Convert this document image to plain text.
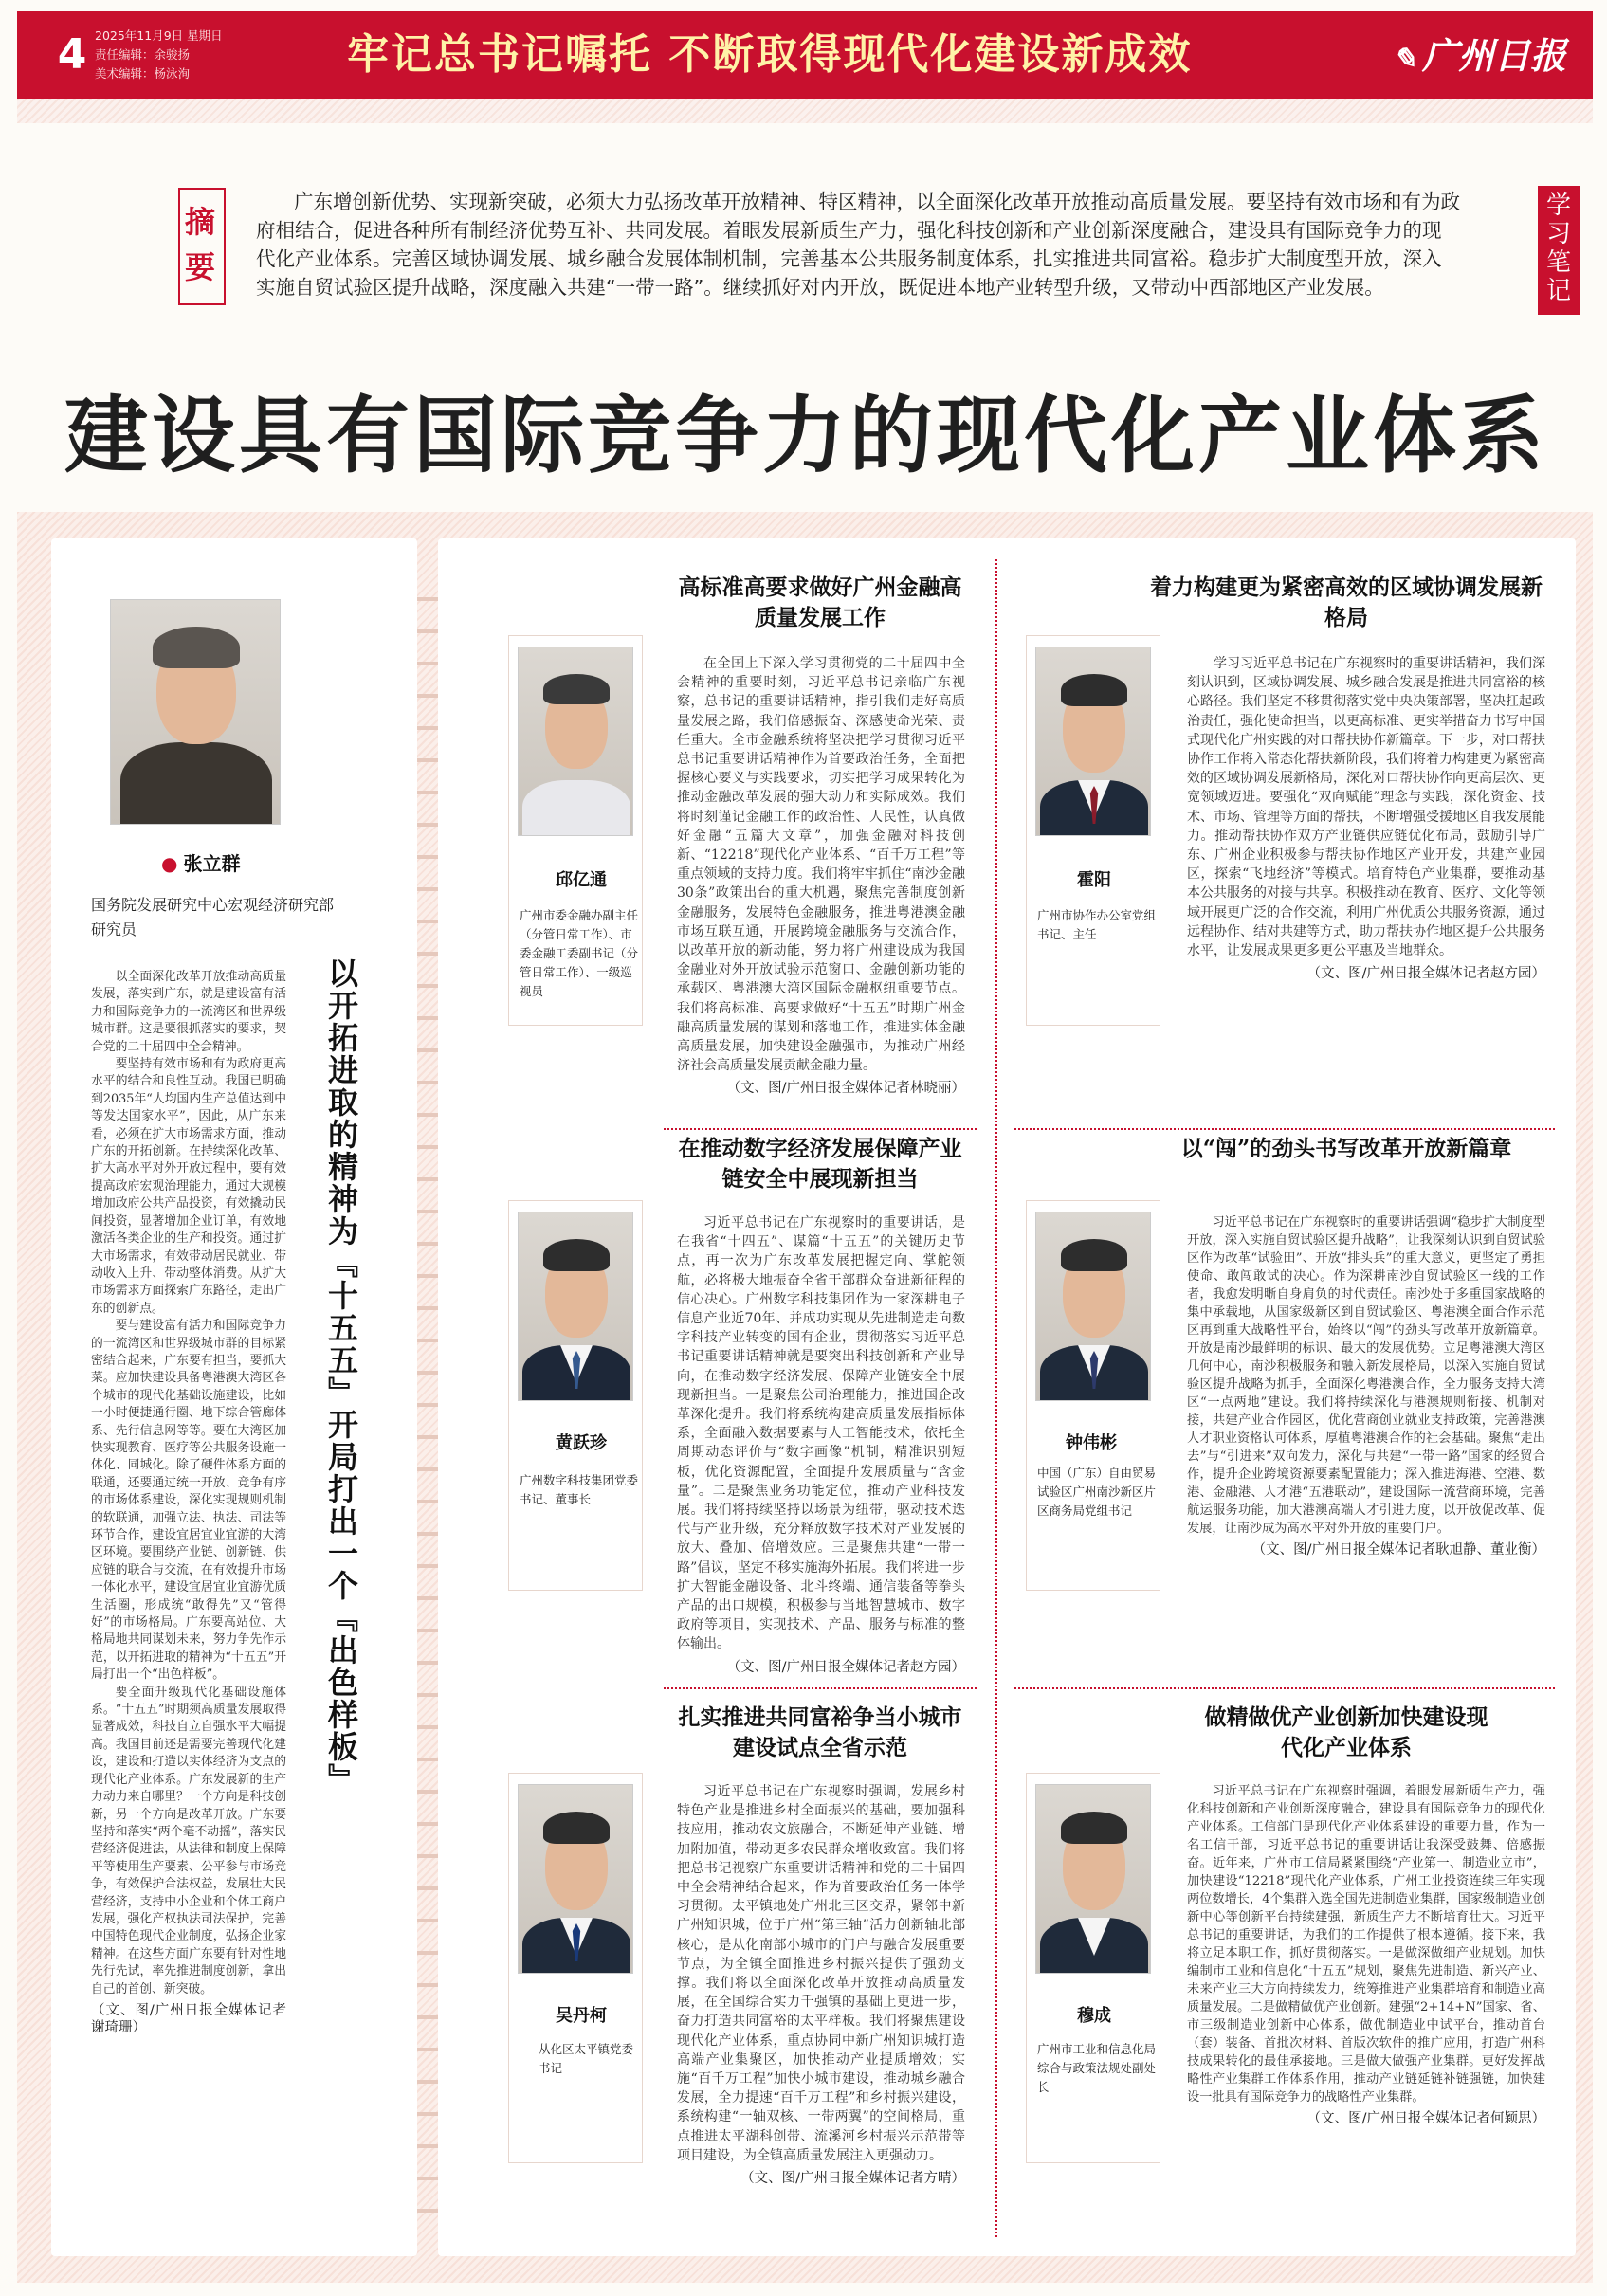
4 2025年11月9日 星期日
责任编辑：余骏扬
美术编辑：杨泳洵	牢记总书记嘱托 不断取得现代化建设新成效	✎ 广州日报
摘要
广东增创新优势、实现新突破，必须大力弘扬改革开放精神、特区精神，以全面深化改革开放推动高质量发展。要坚持有效市场和有为政府相结合，促进各种所有制经济优势互补、共同发展。着眼发展新质生产力，强化科技创新和产业创新深度融合，建设具有国际竞争力的现代化产业体系。完善区域协调发展、城乡融合发展体制机制，完善基本公共服务制度体系，扎实推进共同富裕。稳步扩大制度型开放，深入实施自贸试验区提升战略，深度融入共建“一带一路”。继续抓好对内开放，既促进本地产业转型升级，又带动中西部地区产业发展。
学习笔记
建设具有国际竞争力的现代化产业体系
● 张立群
国务院发展研究中心宏观经济研究部研究员

以全面深化改革开放推动高质量发展，落实到广东，就是建设富有活力和国际竞争力的一流湾区和世界级城市群。这是要很抓落实的要求，契合党的二十届四中全会精神。

要坚持有效市场和有为政府更高水平的结合和良性互动。我国已明确到2035年“人均国内生产总值达到中等发达国家水平”，因此，从广东来看，必须在扩大市场需求方面，推动广东的开拓创新。在持续深化改革、扩大高水平对外开放过程中，要有效提高政府宏观治理能力，通过大规模增加政府公共产品投资，有效撬动民间投资，显著增加企业订单，有效地激活各类企业的生产和投资。通过扩大市场需求，有效带动居民就业、带动收入上升、带动整体消费。从扩大市场需求方面探索广东路径，走出广东的创新点。

要与建设富有活力和国际竞争力的一流湾区和世界级城市群的目标紧密结合起来，广东要有担当，要抓大菜。应加快建设具备粤港澳大湾区各个城市的现代化基础设施建设，比如一小时便捷通行圈、地下综合管廊体系、先行信息网等等。要在大湾区加快实现教育、医疗等公共服务设施一体化、同城化。除了硬件体系方面的联通，还要通过统一开放、竞争有序的市场体系建设，深化实现规则机制的软联通，加强立法、执法、司法等环节合作，建设宜居宜业宜游的大湾区环境。要围绕产业链、创新链、供应链的联合与交流，在有效提升市场一体化水平，建设宜居宜业宜游优质生活圈，形成统“敢得先”又“管得好”的市场格局。广东要高站位、大格局地共同谋划未来，努力争先作示范，以开拓进取的精神为“十五五”开局打出一个“出色样板”。

要全面升级现代化基础设施体系。“十五五”时期须高质量发展取得显著成效，科技自立自强水平大幅提高。我国目前还是需要完善现代化建设，建设和打造以实体经济为支点的现代化产业体系。广东发展新的生产力动力来自哪里？一个方向是科技创新，另一个方向是改革开放。广东要坚持和落实“两个毫不动摇”，落实民营经济促进法，从法律和制度上保障平等使用生产要素、公平参与市场竞争，有效保护合法权益，发展壮大民营经济，支持中小企业和个体工商户发展，强化产权执法司法保护，完善中国特色现代企业制度，弘扬企业家精神。在这些方面广东要有针对性地先行先试，率先推进制度创新，拿出自己的首创、新突破。

（文、图/广州日报全媒体记者谢琦珊）
以开拓进取的精神为『十五五』开局打出一个『出色样板』
高标准高要求做好广州金融高质量发展工作
邱亿通
广州市委金融办副主任（分管日常工作）、市委金融工委副书记（分管日常工作）、一级巡视员

在全国上下深入学习贯彻党的二十届四中全会精神的重要时刻，习近平总书记亲临广东视察，总书记的重要讲话精神，指引我们走好高质量发展之路，我们倍感振奋、深感使命光荣、责任重大。全市金融系统将坚决把学习贯彻习近平总书记重要讲话精神作为首要政治任务，全面把握核心要义与实践要求，切实把学习成果转化为推动金融改革发展的强大动力和实际成效。我们将时刻谨记金融工作的政治性、人民性，认真做好金融“五篇大文章”，加强金融对科技创新、“12218”现代化产业体系、“百千万工程”等重点领域的支持力度。我们将牢牢抓住“南沙金融30条”政策出台的重大机遇，聚焦完善制度创新金融服务，发展特色金融服务，推进粤港澳金融市场互联互通，开展跨境金融服务与交流合作，以改革开放的新动能，努力将广州建设成为我国金融业对外开放试验示范窗口、金融创新功能的承载区、粤港澳大湾区国际金融枢纽重要节点。我们将高标准、高要求做好“十五五”时期广州金融高质量发展的谋划和落地工作，推进实体金融高质量发展，加快建设金融强市，为推动广州经济社会高质量发展贡献金融力量。

（文、图/广州日报全媒体记者林晓丽）
着力构建更为紧密高效的区域协调发展新格局
霍阳
广州市协作办公室党组书记、主任

学习习近平总书记在广东视察时的重要讲话精神，我们深刻认识到，区域协调发展、城乡融合发展是推进共同富裕的核心路径。我们坚定不移贯彻落实党中央决策部署，坚决扛起政治责任，强化使命担当，以更高标准、更实举措奋力书写中国式现代化广州实践的对口帮扶协作新篇章。下一步，对口帮扶协作工作将入常态化帮扶新阶段，我们将着力构建更为紧密高效的区域协调发展新格局，深化对口帮扶协作向更高层次、更宽领域迈进。要强化“双向赋能”理念与实践，深化资金、技术、市场、管理等方面的帮扶，不断增强受援地区自我发展能力。推动帮扶协作双方产业链供应链优化布局，鼓励引导广东、广州企业积极参与帮扶协作地区产业开发，共建产业园区，探索“飞地经济”等模式。培育特色产业集群，要推动基本公共服务的对接与共享。积极推动在教育、医疗、文化等领域开展更广泛的合作交流，利用广州优质公共服务资源，通过远程协作、结对共建等方式，助力帮扶协作地区提升公共服务水平，让发展成果更多更公平惠及当地群众。

（文、图/广州日报全媒体记者赵方园）
在推动数字经济发展保障产业链安全中展现新担当
黄跃珍
广州数字科技集团党委书记、董事长

习近平总书记在广东视察时的重要讲话，是在我省“十四五”、谋篇“十五五”的关键历史节点，再一次为广东改革发展把握定向、掌舵领航，必将极大地振奋全省干部群众奋进新征程的信心决心。广州数字科技集团作为一家深耕电子信息产业近70年、并成功实现从先进制造走向数字科技产业转变的国有企业，贯彻落实习近平总书记重要讲话精神就是要突出科技创新和产业导向，在推动数字经济发展、保障产业链安全中展现新担当。一是聚焦公司治理能力，推进国企改革深化提升。我们将系统构建高质量发展指标体系，全面融入数据要素与人工智能技术，依托全周期动态评价与“数字画像”机制，精准识别短板，优化资源配置，全面提升发展质量与“含金量”。二是聚焦业务功能定位，推动产业科技发展。我们将持续坚持以场景为纽带，驱动技术迭代与产业升级，充分释放数字技术对产业发展的放大、叠加、倍增效应。三是聚焦共建“一带一路”倡议，坚定不移实施海外拓展。我们将进一步扩大智能金融设备、北斗终端、通信装备等拳头产品的出口规模，积极参与当地智慧城市、数字政府等项目，实现技术、产品、服务与标准的整体输出。

（文、图/广州日报全媒体记者赵方园）
以“闯”的劲头书写改革开放新篇章
钟伟彬
中国（广东）自由贸易试验区广州南沙新区片区商务局党组书记

习近平总书记在广东视察时的重要讲话强调“稳步扩大制度型开放，深入实施自贸试验区提升战略”，让我深刻认识到自贸试验区作为改革“试验田”、开放“排头兵”的重大意义，更坚定了勇担使命、敢闯敢试的决心。作为深耕南沙自贸试验区一线的工作者，我愈发明晰自身肩负的时代责任。南沙处于多重国家战略的集中承载地，从国家级新区到自贸试验区、粤港澳全面合作示范区再到重大战略性平台，始终以“闯”的劲头写改革开放新篇章。开放是南沙最鲜明的标识、最大的发展优势。立足粤港澳大湾区几何中心，南沙积极服务和融入新发展格局，以深入实施自贸试验区提升战略为抓手，全面深化粤港澳合作，全力服务支持大湾区“一点两地”建设。我们将持续深化与港澳规则衔接、机制对接，共建产业合作园区，优化营商创业就业支持政策，完善港澳人才职业资格认可体系，厚植粤港澳合作的社会基础。聚焦“走出去”与“引进来”双向发力，深化与共建“一带一路”国家的经贸合作，提升企业跨境资源要素配置能力；深入推进海港、空港、数港、金融港、人才港“五港联动”，建设国际一流营商环境，完善航运服务功能，加大港澳高端人才引进力度，以开放促改革、促发展，让南沙成为高水平对外开放的重要门户。

（文、图/广州日报全媒体记者耿旭静、董业衡）
扎实推进共同富裕争当小城市建设试点全省示范
吴丹柯
从化区太平镇党委书记

习近平总书记在广东视察时强调，发展乡村特色产业是推进乡村全面振兴的基础，要加强科技应用，推动农文旅融合，不断延伸产业链、增加附加值，带动更多农民群众增收致富。我们将把总书记视察广东重要讲话精神和党的二十届四中全会精神结合起来，作为首要政治任务一体学习贯彻。太平镇地处广州北三区交界，紧邻中新广州知识城，位于广州“第三轴”活力创新轴北部核心，是从化南部小城市的门户与融合发展重要节点，为全镇全面推进乡村振兴提供了强劲支撑。我们将以全面深化改革开放推动高质量发展，在全国综合实力千强镇的基础上更进一步，奋力打造共同富裕的太平样板。我们将聚焦建设现代化产业体系，重点协同中新广州知识城打造高端产业集聚区，加快推动产业提质增效；实施“百千万工程”加快小城市建设，推动城乡融合发展，全力提速“百千万工程”和乡村振兴建设，系统构建“一轴双核、一带两翼”的空间格局，重点推进太平湖科创带、流溪河乡村振兴示范带等项目建设，为全镇高质量发展注入更强动力。

（文、图/广州日报全媒体记者方晴）
做精做优产业创新加快建设现代化产业体系
穆成
广州市工业和信息化局综合与政策法规处副处长

习近平总书记在广东视察时强调，着眼发展新质生产力，强化科技创新和产业创新深度融合，建设具有国际竞争力的现代化产业体系。工信部门是现代化产业体系建设的重要力量，作为一名工信干部，习近平总书记的重要讲话让我深受鼓舞、倍感振奋。近年来，广州市工信局紧紧围绕“产业第一、制造业立市”，加快建设“12218”现代化产业体系，广州工业投资连续三年实现两位数增长，4个集群入选全国先进制造业集群，国家级制造业创新中心等创新平台持续建强，新质生产力不断培育壮大。习近平总书记的重要讲话，为我们的工作提供了根本遵循。接下来，我将立足本职工作，抓好贯彻落实。一是做深做细产业规划。加快编制市工业和信息化“十五五”规划，聚焦先进制造、新兴产业、未来产业三大方向持续发力，统筹推进产业集群培育和制造业高质量发展。二是做精做优产业创新。建强“2+14+N”国家、省、市三级制造业创新中心体系，做优制造业中试平台，推动首台（套）装备、首批次材料、首版次软件的推广应用，打造广州科技成果转化的最佳承接地。三是做大做强产业集群。更好发挥战略性产业集群工作体系作用，推动产业链延链补链强链，加快建设一批具有国际竞争力的战略性产业集群。

（文、图/广州日报全媒体记者何颖思）
